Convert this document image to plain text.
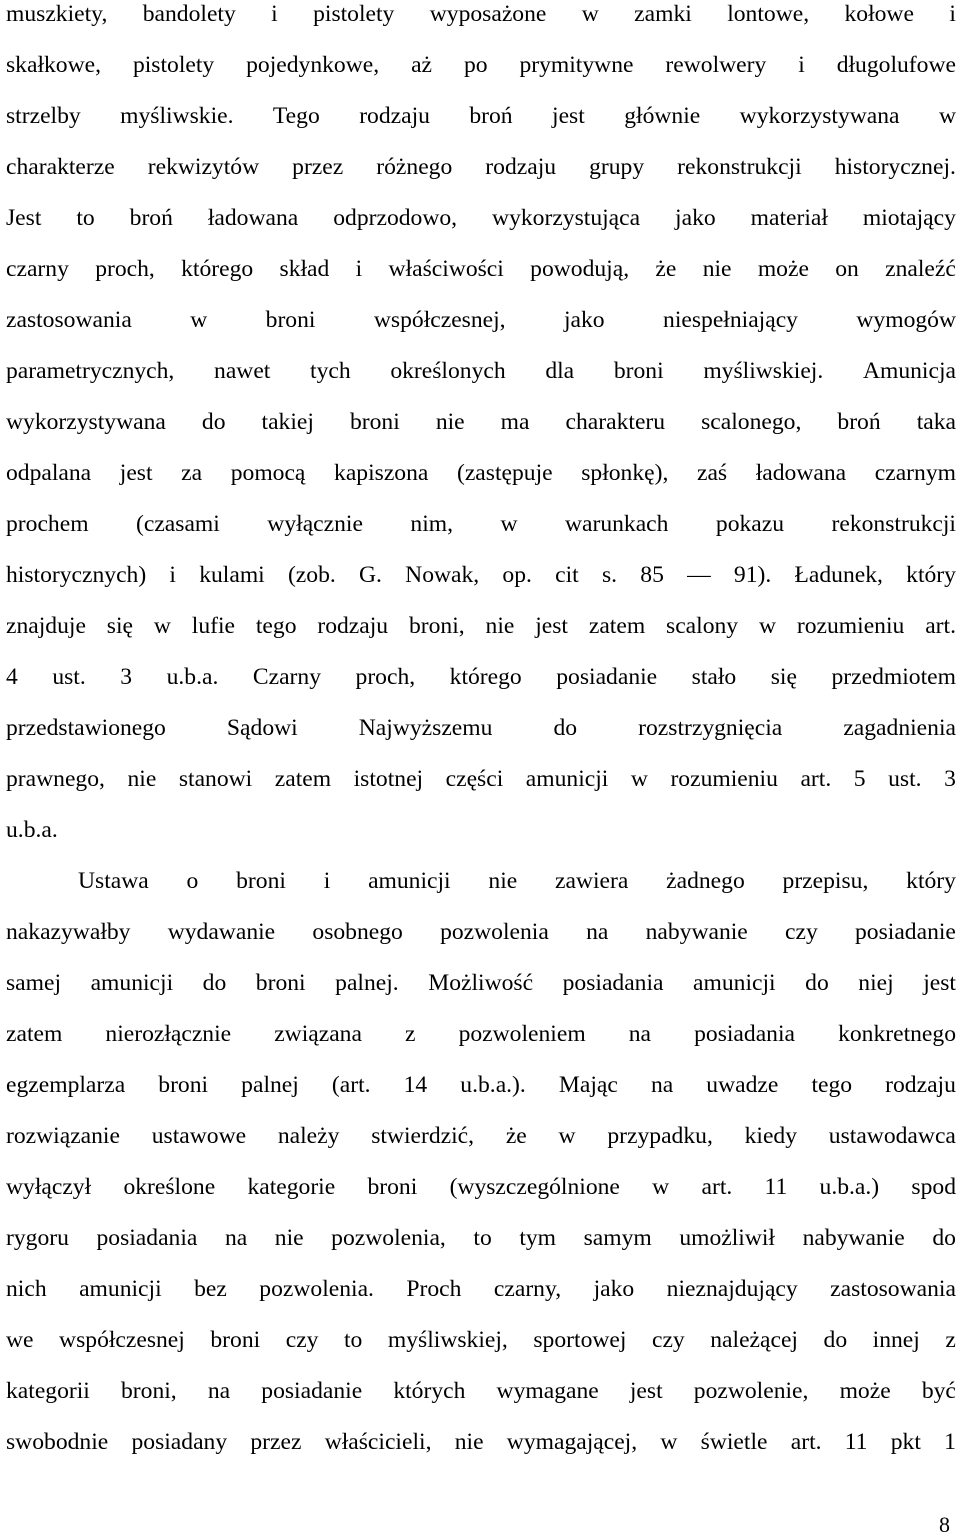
muszkiety, bandolety i pistolety wyposażone w zamki lontowe, kołowe i
skałkowe, pistolety pojedynkowe, aż po prymitywne rewolwery i długolufowe
strzelby myśliwskie. Tego rodzaju broń jest głównie wykorzystywana w
charakterze rekwizytów przez różnego rodzaju grupy rekonstrukcji historycznej.
Jest to broń ładowana odprzodowo, wykorzystująca jako materiał miotający
czarny proch, którego skład i właściwości powodują, że nie może on znaleźć
zastosowania w broni współczesnej, jako niespełniający wymogów
parametrycznych, nawet tych określonych dla broni myśliwskiej. Amunicja
wykorzystywana do takiej broni nie ma charakteru scalonego, broń taka
odpalana jest za pomocą kapiszona (zastępuje spłonkę), zaś ładowana czarnym
prochem (czasami wyłącznie nim, w warunkach pokazu rekonstrukcji
historycznych) i kulami (zob. G. Nowak, op. cit s. 85 — 91). Ładunek, który
znajduje się w lufie tego rodzaju broni, nie jest zatem scalony w rozumieniu art.
4 ust. 3 u.b.a. Czarny proch, którego posiadanie stało się przedmiotem
przedstawionego	Sądowi	Najwyższemu	do	rozstrzygnięcia	zagadnienia
prawnego, nie stanowi zatem istotnej części amunicji w rozumieniu art. 5 ust. 3
u.b.a.
Ustawa o broni i amunicji nie zawiera żadnego przepisu, który
nakazywałby wydawanie osobnego pozwolenia na nabywanie czy posiadanie
samej amunicji do broni palnej. Możliwość posiadania amunicji do niej jest
zatem nierozłącznie związana z pozwoleniem na posiadania konkretnego
egzemplarza broni palnej (art. 14 u.b.a.). Mając na uwadze tego rodzaju
rozwiązanie ustawowe należy stwierdzić, że w przypadku, kiedy ustawodawca
wyłączył określone kategorie broni (wyszczególnione w art. 11 u.b.a.) spod
rygoru posiadania na nie pozwolenia, to tym samym umożliwił nabywanie do
nich amunicji bez pozwolenia. Proch czarny, jako nieznajdujący zastosowania
we współczesnej broni czy to myśliwskiej, sportowej czy należącej do innej z
kategorii broni, na posiadanie których wymagane jest pozwolenie, może być
swobodnie posiadany przez właścicieli, nie wymagającej, w świetle art. 11 pkt 1
8
